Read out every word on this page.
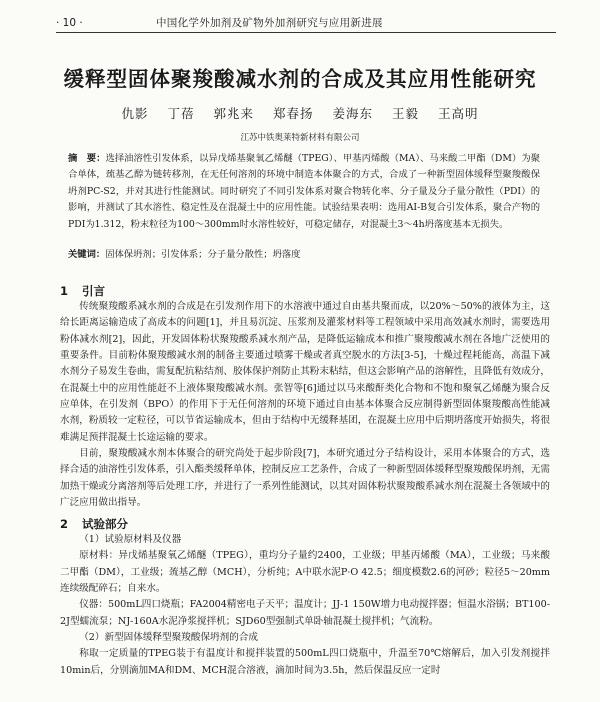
· 10 ·	中国化学外加剂及矿物外加剂研究与应用新进展
缓释型固体聚羧酸减水剂的合成及其应用性能研究
仇影 丁蓓 郭兆来 郑春扬 姜海东 王毅 王高明
江苏中铁奥莱特新材料有限公司
摘　要：选择油溶性引发体系，以异戊烯基聚氧乙烯醚（TPEG）、甲基丙烯酸（MA）、马来酸二甲酯（DM）为聚合单体，巯基乙醇为链转移剂，在无任何溶剂的环境中制造本体聚合的方式，合成了一种新型固体缓释型聚羧酸保坍剂PC-S2，并对其进行性能测试。同时研究了不同引发体系对聚合物转化率、分子量及分子量分散性（PDI）的影响，并测试了其水溶性、稳定性及在混凝土中的应用性能。试验结果表明：选用AI-B复合引发体系，聚合产物的PDI为1.312，粉末粒径为100～300mm时水溶性较好，可稳定储存，对混凝土3～4h坍落度基本无损失。
关键词：固体保坍剂；引发体系；分子量分散性；坍落度
1 引言

传统聚羧酸系减水剂的合成是在引发剂作用下的水溶液中通过自由基共聚而成，以20%～50%的液体为主，这给长距离运输造成了高成本的问题[1]，并且易沉淀、压浆剂及灌浆材料等工程领域中采用高效减水剂时，需要选用粉体减水剂[2]，因此，开发固体粉状聚羧酸系减水剂产品，是降低运输成本和推广聚羧酸减水剂在各地广泛使用的重要条件。目前粉体聚羧酸减水剂的制备主要通过喷雾干燥或者真空脱水的方法[3-5]，十燥过程耗能高，高温下减水剂分子易发生卷曲，需复配抗粘结剂、胶体保护剂防止其粉末粘结，但这会影响产品的溶解性，且降低有效成分，在混凝土中的应用性能赶不上液体聚羧酸减水剂。张智等[6]通过以马来酸酐类化合物和不饱和聚氧乙烯醚为聚合反应单体，在引发剂（BPO）的作用下于无任何溶剂的环境下通过自由基本体聚合反应制得新型固体聚羧酸高性能减水剂，粉质较一定粒径，可以节省运输成本，但由于结构中无缓释基团，在混凝土应用中后期坍落度开始损失，将很难满足预拌混凝土长途运输的要求。

目前，聚羧酸减水剂本体聚合的研究尚处于起步阶段[7]，本研究通过分子结构设计，采用本体聚合的方式，选择合适的油溶性引发体系，引入酯类缓释单体，控制反应工艺条件，合成了一种新型固体缓释型聚羧酸保坍剂，无需加热干燥或分离溶剂等后处理工序，并进行了一系列性能测试，以其对固体粉状聚羧酸系减水剂在混凝土各领域中的广泛应用做出指导。

2 试验部分

（1）试验原材料及仪器

原材料：异戊烯基聚氧乙烯醚（TPEG），重均分子量约2400，工业级；甲基丙烯酸（MA），工业级；马来酸二甲酯（DM），工业级；巯基乙醇（MCH），分析纯；A中联水泥P·O 42.5；细度模数2.6的河砂；粒径5～20mm连续级配碎石；自来水。

仪器：500mL四口烧瓶；FA2004精密电子天平；温度计；JJ-1 150W增力电动搅拌器；恒温水浴锅；BT100-2J型蠕流泵；NJ-160A水泥净浆搅拌机；SJD60型强制式单卧轴混凝土搅拌机；气流粉。

（2）新型固体缓释型聚羧酸保坍剂的合成

称取一定质量的TPEG装于有温度计和搅拌装置的500mL四口烧瓶中，升温至70℃熔解后，加入引发剂搅拌10min后，分别滴加MA和DM、MCH混合溶液，滴加时间为3.5h，然后保温反应一定时
